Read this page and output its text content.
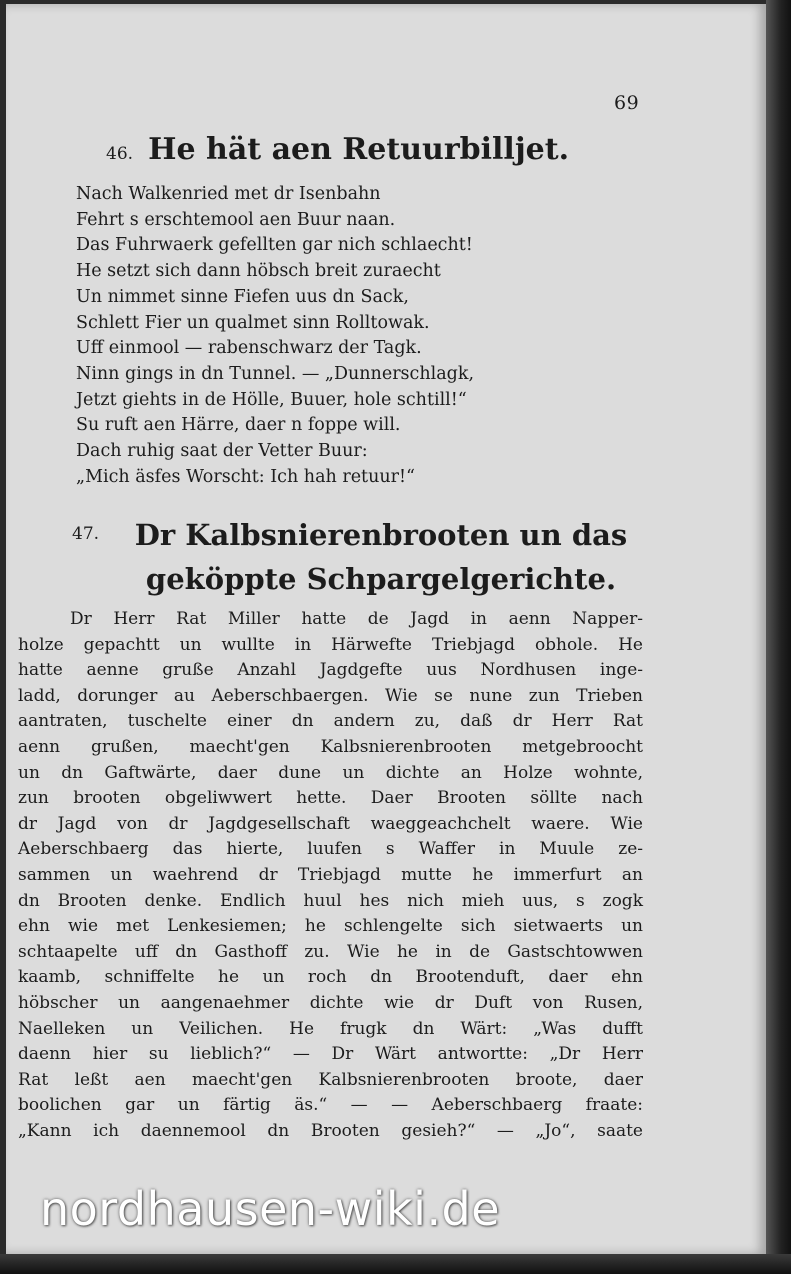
69
46. He hät aen Retuurbilljet.
Nach Walkenried met dr Isenbahn
Fehrt s erschtemool aen Buur naan.
Das Fuhrwaerk gefellten gar nich schlaecht!
He setzt sich dann höbsch breit zuraecht
Un nimmet sinne Fiefen uus dn Sack,
Schlett Fier un qualmet sinn Rolltowak.
Uff einmool — rabenschwarz der Tagk.
Ninn gings in dn Tunnel. — „Dunnerschlagk,
Jetzt giehts in de Hölle, Buuer, hole schtill!“
Su ruft aen Härre, daer n foppe will.
Dach ruhig saat der Vetter Buur:
„Mich äsfes Worscht: Ich hah retuur!“
47.	Dr Kalbsnierenbrooten un das
geköppte Schpargelgerichte.
Dr Herr Rat Miller hatte de Jagd in aenn Napper-
holze gepachtt un wullte in Härwefte Triebjagd obhole. He
hatte aenne gruße Anzahl Jagdgefte uus Nordhusen inge-
ladd, dorunger au Aeberschbaergen. Wie se nune zun Trieben
aantraten, tuschelte einer dn andern zu, daß dr Herr Rat
aenn grußen, maecht'gen Kalbsnierenbrooten metgebroocht
un dn Gaftwärte, daer dune un dichte an Holze wohnte,
zun brooten obgeliwwert hette. Daer Brooten söllte nach
dr Jagd von dr Jagdgesellschaft waeggeachchelt waere. Wie
Aeberschbaerg das hierte, luufen s Waffer in Muule ze-
sammen un waehrend dr Triebjagd mutte he immerfurt an
dn Brooten denke. Endlich huul hes nich mieh uus, s zogk
ehn wie met Lenkesiemen; he schlengelte sich sietwaerts un
schtaapelte uff dn Gasthoff zu. Wie he in de Gastschtowwen
kaamb, schniffelte he un roch dn Brootenduft, daer ehn
höbscher un aangenaehmer dichte wie dr Duft von Rusen,
Naelleken un Veilichen. He frugk dn Wärt: „Was dufft
daenn hier su lieblich?“ — Dr Wärt antwortte: „Dr Herr
Rat leßt aen maecht'gen Kalbsnierenbrooten broote, daer
boolichen gar un färtig äs.“ — — Aeberschbaerg fraate:
„Kann ich daennemool dn Brooten gesieh?“ — „Jo“, saate
nordhausen-wiki.de
